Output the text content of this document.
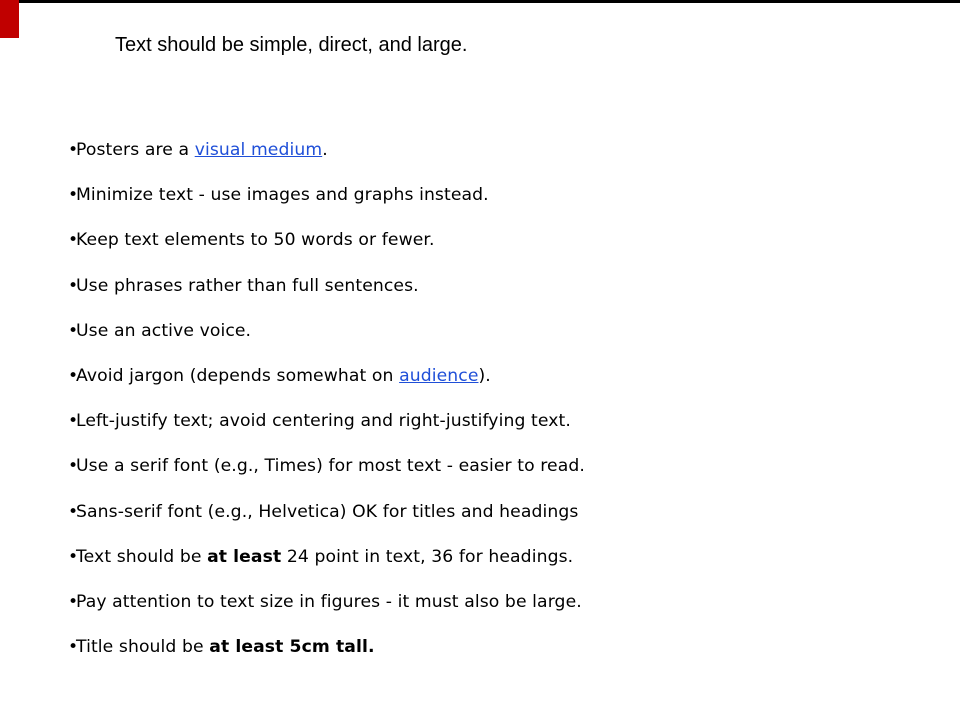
Text should be simple, direct, and large.
•Posters are a visual medium.
•Minimize text - use images and graphs instead.
•Keep text elements to 50 words or fewer.
•Use phrases rather than full sentences.
•Use an active voice.
•Avoid jargon (depends somewhat on audience).
•Left-justify text; avoid centering and right-justifying text.
•Use a serif font (e.g., Times) for most text - easier to read.
•Sans-serif font (e.g., Helvetica) OK for titles and headings
•Text should be at least 24 point in text, 36 for headings.
•Pay attention to text size in figures - it must also be large.
•Title should be at least 5cm tall.
